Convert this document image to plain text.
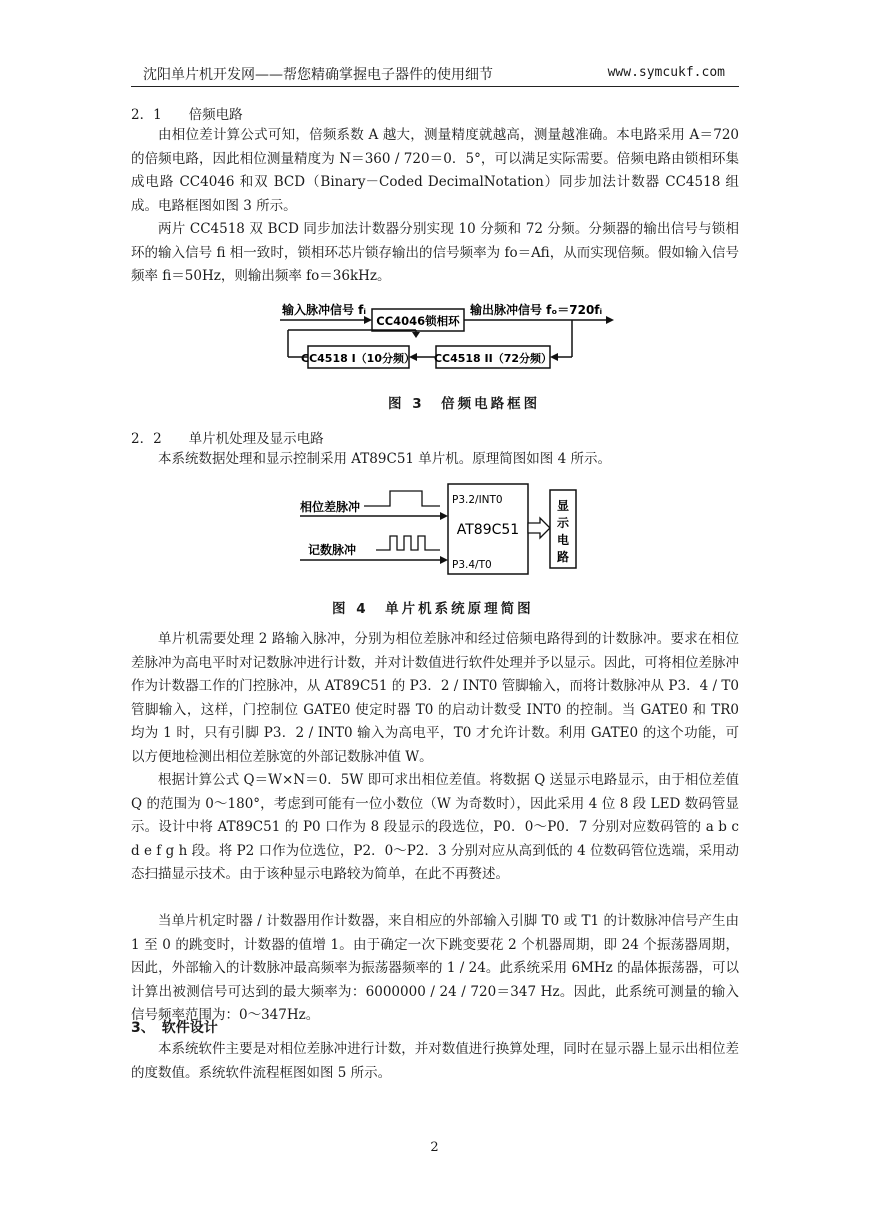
沈阳单片机开发网——帮您精确掌握电子器件的使用细节	www.symcukf.com
2．1　　倍频电路
由相位差计算公式可知，倍频系数 A 越大，测量精度就越高，测量越准确。本电路采用 A＝720 的倍频电路，因此相位测量精度为 N＝360 / 720＝0．5°，可以满足实际需要。倍频电路由锁相环集成电路 CC4046 和双 BCD（Binary－Coded DecimalNotation）同步加法计数器 CC4518 组成。电路框图如图 3 所示。
两片 CC4518 双 BCD 同步加法计数器分别实现 10 分频和 72 分频。分频器的输出信号与锁相环的输入信号 fi 相一致时，锁相环芯片锁存输出的信号频率为 fo＝Afi，从而实现倍频。假如输入信号频率 fi＝50Hz，则输出频率 fo＝36kHz。
输入脉冲信号 fᵢ
CC4046锁相环
输出脉冲信号 fₒ＝720fᵢ
CC4518 II（72分频）
CC4518 I（10分频）
图 3　倍频电路框图
2．2　　单片机处理及显示电路
本系统数据处理和显示控制采用 AT89C51 单片机。原理简图如图 4 所示。
相位差脉冲
记数脉冲
P3.2/INT0
AT89C51
P3.4/T0
显
示
电
路
图 4　单片机系统原理简图
单片机需要处理 2 路输入脉冲，分别为相位差脉冲和经过倍频电路得到的计数脉冲。要求在相位差脉冲为高电平时对记数脉冲进行计数，并对计数值进行软件处理并予以显示。因此，可将相位差脉冲作为计数器工作的门控脉冲，从 AT89C51 的 P3．2 / INT0 管脚输入，而将计数脉冲从 P3．4 / T0 管脚输入，这样，门控制位 GATE0 使定时器 T0 的启动计数受 INT0 的控制。当 GATE0 和 TR0 均为 1 时，只有引脚 P3．2 / INT0 输入为高电平，T0 才允许计数。利用 GATE0 的这个功能，可以方便地检测出相位差脉宽的外部记数脉冲值 W。
根据计算公式 Q＝W×N＝0．5W 即可求出相位差值。将数据 Q 送显示电路显示，由于相位差值 Q 的范围为 0～180°，考虑到可能有一位小数位（W 为奇数时），因此采用 4 位 8 段 LED 数码管显示。设计中将 AT89C51 的 P0 口作为 8 段显示的段选位，P0．0～P0．7 分别对应数码管的 a b c d e f g h 段。将 P2 口作为位选位，P2．0～P2．3 分别对应从高到低的 4 位数码管位选端，采用动态扫描显示技术。由于该种显示电路较为简单，在此不再赘述。
当单片机定时器 / 计数器用作计数器，来自相应的外部输入引脚 T0 或 T1 的计数脉冲信号产生由 1 至 0 的跳变时，计数器的值增 1。由于确定一次下跳变要花 2 个机器周期，即 24 个振荡器周期，因此，外部输入的计数脉冲最高频率为振荡器频率的 1 / 24。此系统采用 6MHz 的晶体振荡器，可以计算出被测信号可达到的最大频率为：6000000 / 24 / 720＝347 Hz。因此，此系统可测量的输入信号频率范围为：0～347Hz。
3、　软件设计
本系统软件主要是对相位差脉冲进行计数，并对数值进行换算处理，同时在显示器上显示出相位差的度数值。系统软件流程框图如图 5 所示。
2
